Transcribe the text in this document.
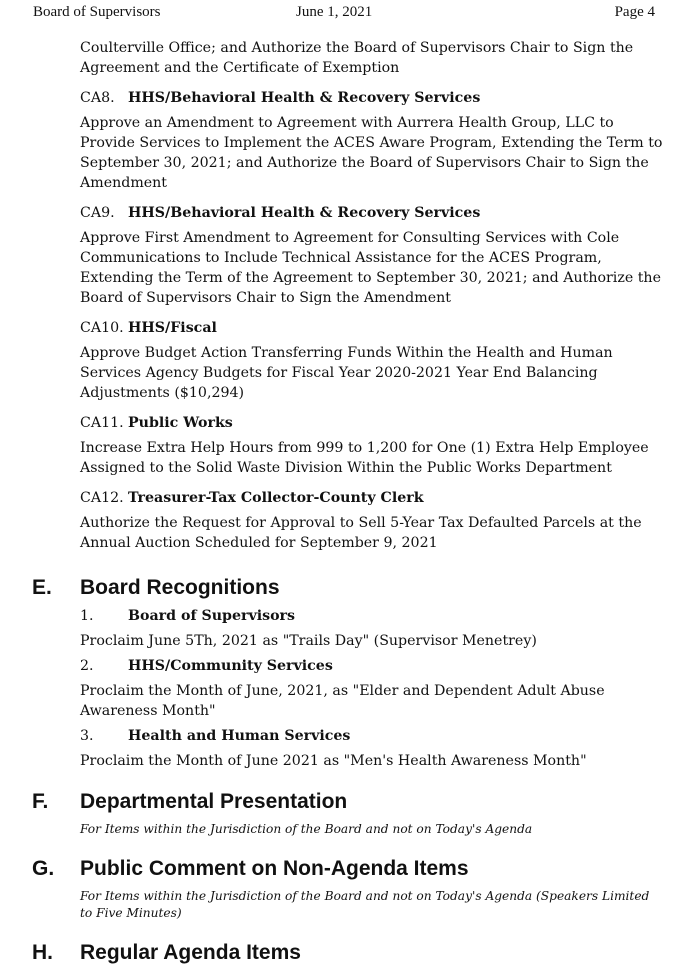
Board of Supervisors	June 1, 2021	Page 4

Coulterville Office; and Authorize the Board of Supervisors Chair to Sign the Agreement and the Certificate of Exemption

CA8. HHS/Behavioral Health & Recovery Services

Approve an Amendment to Agreement with Aurrera Health Group, LLC to Provide Services to Implement the ACES Aware Program, Extending the Term to September 30, 2021; and Authorize the Board of Supervisors Chair to Sign the Amendment

CA9. HHS/Behavioral Health & Recovery Services

Approve First Amendment to Agreement for Consulting Services with Cole Communications to Include Technical Assistance for the ACES Program, Extending the Term of the Agreement to September 30, 2021; and Authorize the Board of Supervisors Chair to Sign the Amendment

CA10. HHS/Fiscal

Approve Budget Action Transferring Funds Within the Health and Human Services Agency Budgets for Fiscal Year 2020-2021 Year End Balancing Adjustments ($10,294)

CA11. Public Works

Increase Extra Help Hours from 999 to 1,200 for One (1) Extra Help Employee Assigned to the Solid Waste Division Within the Public Works Department

CA12. Treasurer-Tax Collector-County Clerk

Authorize the Request for Approval to Sell 5-Year Tax Defaulted Parcels at the Annual Auction Scheduled for September 9, 2021

E. Board Recognitions
1. Board of Supervisors

Proclaim June 5Th, 2021 as "Trails Day" (Supervisor Menetrey)

2. HHS/Community Services

Proclaim the Month of June, 2021, as "Elder and Dependent Adult Abuse Awareness Month"

3. Health and Human Services

Proclaim the Month of June 2021 as "Men's Health Awareness Month"

F. Departmental Presentation

For Items within the Jurisdiction of the Board and not on Today's Agenda

G. Public Comment on Non-Agenda Items

For Items within the Jurisdiction of the Board and not on Today's Agenda (Speakers Limited to Five Minutes)

H. Regular Agenda Items
